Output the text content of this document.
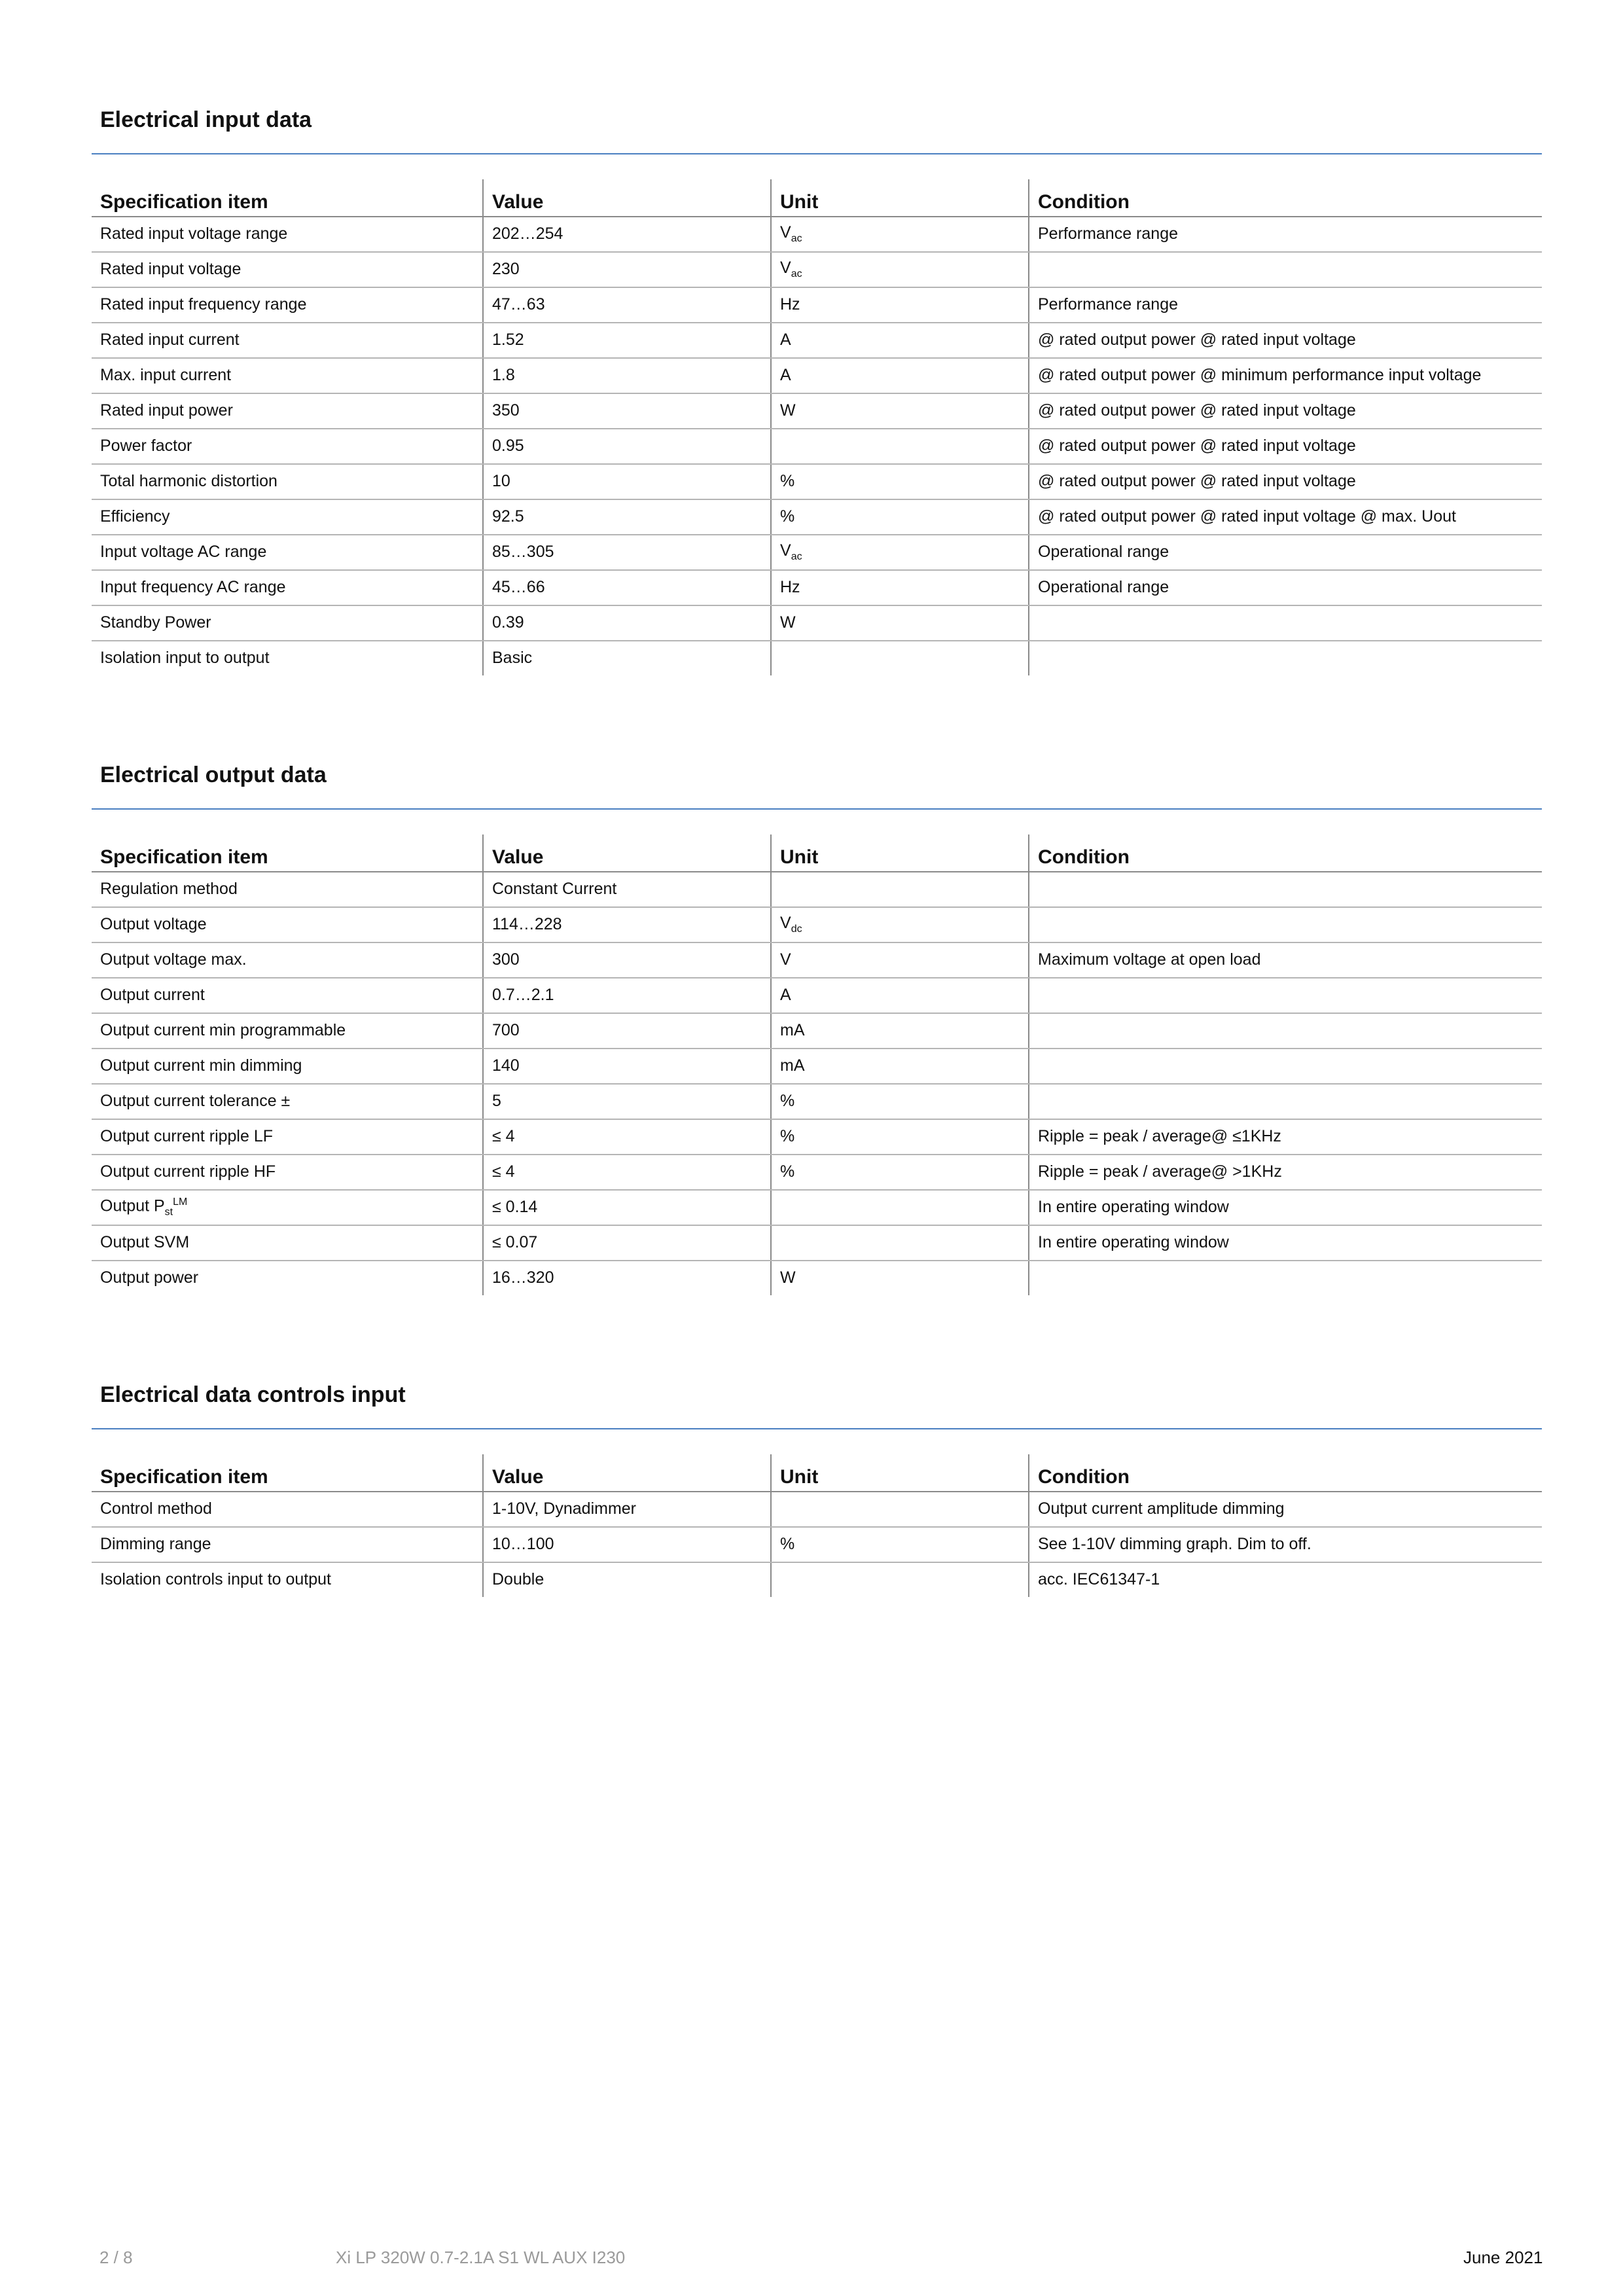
Electrical input data
Specification item	Value	Unit	Condition
Rated input voltage range	202…254	$V_{ac}$	Performance range
Rated input voltage	230	$V_{ac}$	
Rated input frequency range	47…63	Hz	Performance range
Rated input current	1.52	A	@ rated output power @ rated input voltage
Max. input current	1.8	A	@ rated output power @ minimum performance input voltage
Rated input power	350	W	@ rated output power @ rated input voltage
Power factor	0.95		@ rated output power @ rated input voltage
Total harmonic distortion	10	%	@ rated output power @ rated input voltage
Efficiency	92.5	%	@ rated output power @ rated input voltage @ max. Uout
Input voltage AC range	85…305	$V_{ac}$	Operational range
Input frequency AC range	45…66	Hz	Operational range
Standby Power	0.39	W	
Isolation input to output	Basic		
Electrical output data
Specification item	Value	Unit	Condition
Regulation method	Constant Current		
Output voltage	114…228	$V_{dc}$	
Output voltage max.	300	V	Maximum voltage at open load
Output current	0.7…2.1	A	
Output current min programmable	700	mA	
Output current min dimming	140	mA	
Output current tolerance ±	5	%	
Output current ripple LF	≤ 4	%	Ripple = peak / average@ ≤1KHz
Output current ripple HF	≤ 4	%	Ripple = peak / average@ >1KHz
Output $P_{st}^{LM}$	≤ 0.14		In entire operating window
Output SVM	≤ 0.07		In entire operating window
Output power	16…320	W	
Electrical data controls input
Specification item	Value	Unit	Condition
Control method	1-10V, Dynadimmer		Output current amplitude dimming
Dimming range	10…100	%	See 1-10V dimming graph. Dim to off.
Isolation controls input to output	Double		acc. IEC61347-1
2 / 8	Xi LP 320W 0.7-2.1A S1 WL AUX I230	June 2021
